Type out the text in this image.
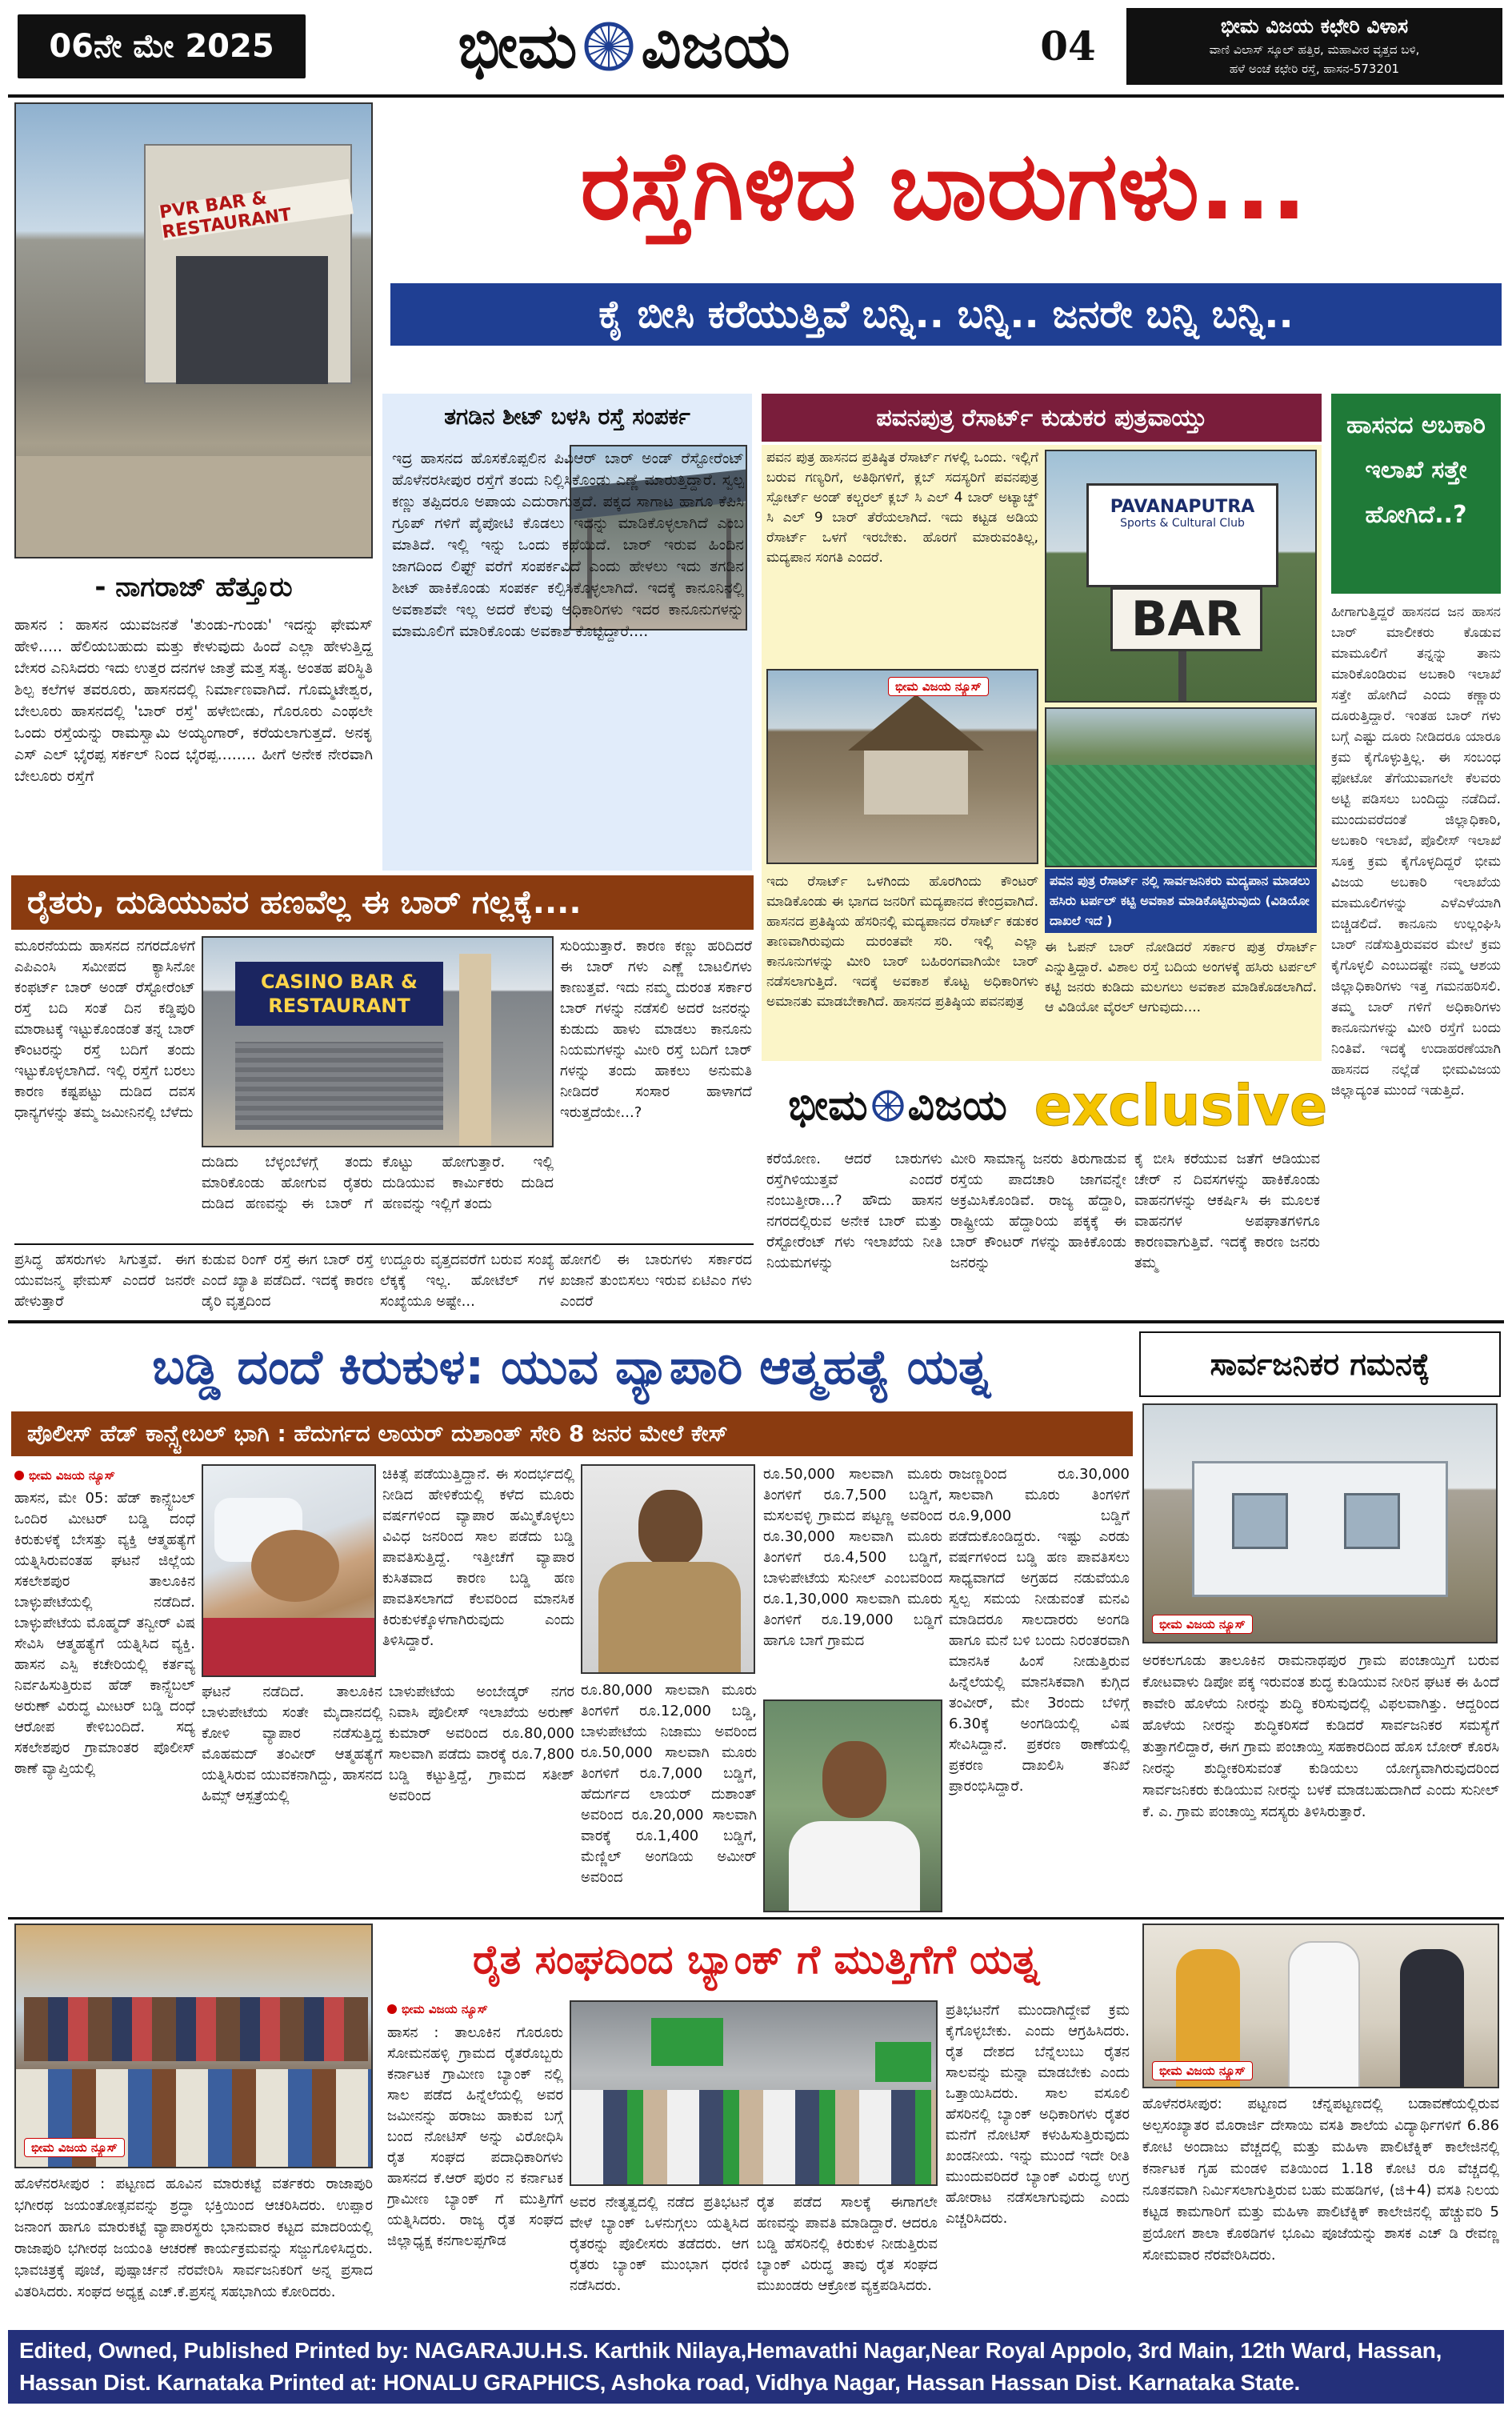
06ನೇ ಮೇ 2025	ಭೀಮ ವಿಜಯ	04	ಭೀಮ ವಿಜಯ ಕಛೇರಿ ವಿಳಾಸ
ವಾಣಿ ವಿಲಾಸ್ ಸ್ಕೂಲ್ ಹತ್ತಿರ, ಮಹಾವೀರ ವೃತ್ತದ ಬಳಿ,
ಹಳೆ ಅಂಚೆ ಕಛೇರಿ ರಸ್ತೆ, ಹಾಸನ-573201
PVR BAR & RESTAURANT	ರಸ್ತೆಗಿಳಿದ ಬಾರುಗಳು...
ಕೈ ಬೀಸಿ ಕರೆಯುತ್ತಿವೆ ಬನ್ನಿ.. ಬನ್ನಿ.. ಜನರೇ ಬನ್ನಿ ಬನ್ನಿ..
- ನಾಗರಾಜ್ ಹೆತ್ತೂರು
ಹಾಸನ : ಹಾಸನ ಯುವಜನತೆ 'ತುಂಡು-ಗುಂಡು' ಇದನ್ನು ಫೇಮಸ್ ಹೇಳಿ..... ಹೆಲಿಯಬಹುದು ಮತ್ತು ಕೇಳುವುದು ಹಿಂದೆ ಎಲ್ಲಾ ಹೇಳುತ್ತಿದ್ದ ಬೇಸರ ಎನಿಸಿದರು ಇದು ಉತ್ತರ ದನಗಳ ಜಾತ್ರೆ ಮತ್ತ ಸತ್ಯ. ಅಂತಹ ಪರಿಸ್ಥಿತಿ ಶಿಲ್ಪ ಕಲೆಗಳ ತವರೂರು, ಹಾಸನದಲ್ಲಿ ನಿರ್ಮಾಣವಾಗಿದೆ. ಗೊಮ್ಮಟೇಶ್ವರ, ಬೇಲೂರು ಹಾಸನದಲ್ಲಿ 'ಬಾರ್ ರಸ್ತೆ' ಹಳೇಬೀಡು, ಗೊರೂರು ಎಂಥಲೇ ಒಂದು ರಸ್ತೆಯನ್ನು ರಾಮಸ್ವಾಮಿ ಅಯ್ಯಂಗಾರ್, ಕರೆಯಲಾಗುತ್ತದೆ. ಅನಕೃ ಎಸ್ ಎಲ್ ಭೈರಪ್ಪ ಸರ್ಕಲ್ ನಿಂದ ಭೈರಪ್ಪ........ ಹೀಗೆ ಅನೇಕ ನೇರವಾಗಿ ಬೇಲೂರು ರಸ್ತೆಗೆ
ತಗಡಿನ ಶೀಟ್ ಬಳಸಿ ರಸ್ತೆ ಸಂಪರ್ಕ
ಇದ್ರ ಹಾಸನದ ಹೊಸಕೊಪ್ಪಲಿನ ಪಿವಿಆರ್ ಬಾರ್ ಅಂಡ್ ರೆಸ್ಟೋರೆಂಟ್ ಹೊಳೆನರಸೀಪುರ ರಸ್ತೆಗೆ ತಂದು ನಿಲ್ಲಿಸಿಕೊಂಡು ಎಣ್ಣೆ ಮಾರುತ್ತಿದ್ದಾರೆ. ಸ್ವಲ್ಪ ಕಣ್ಣು ತಪ್ಪಿದರೂ ಅಪಾಯ ಎದುರಾಗುತ್ತದೆ. ಪಕ್ಕದ ಸಾಗಾಟ ಹಾಗೂ ಕೆಪಿಸಿ ಗ್ರೂಪ್ ಗಳಿಗೆ ಪೈಪೋಟಿ ಕೊಡಲು ಇದನ್ನು ಮಾಡಿಕೊಳ್ಳಲಾಗಿದೆ ಎಂಬ ಮಾತಿದೆ. ಇಲ್ಲಿ ಇನ್ನು ಒಂದು ಕಥೆಯಿದೆ. ಬಾರ್ ಇರುವ ಹಿಂದಿನ ಜಾಗದಿಂದ ಲಿಫ್ಟ್ ವರೆಗೆ ಸಂಪರ್ಕವಿದೆ ಎಂದು ಹೇಳಲು ಇದು ತಗಡಿನ ಶೀಟ್ ಹಾಕಿಕೊಂಡು ಸಂಪರ್ಕ ಕಲ್ಪಿಸಿಕೊಳ್ಳಲಾಗಿದೆ. ಇದಕ್ಕೆ ಕಾನೂನಿನಲ್ಲಿ ಅವಕಾಶವೇ ಇಲ್ಲ ಅದರೆ ಕೆಲವು ಅಧಿಕಾರಿಗಳು ಇದರ ಕಾನೂನುಗಳನ್ನು ಮಾಮೂಲಿಗೆ ಮಾರಿಕೊಂಡು ಅವಕಾಶ ಕೊಟ್ಟಿದ್ದಾರೆ....
ಪವನಪುತ್ರ ರೆಸಾರ್ಟ್ ಕುಡುಕರ ಪುತ್ರವಾಯ್ತು
ಪವನ ಪುತ್ರ ಹಾಸನದ ಪ್ರತಿಷ್ಠಿತ ರೆಸಾರ್ಟ್ ಗಳಲ್ಲಿ ಒಂದು. ಇಲ್ಲಿಗೆ ಬರುವ ಗಣ್ಯರಿಗೆ, ಅತಿಥಿಗಳಿಗೆ, ಕ್ಲಬ್ ಸದಸ್ಯರಿಗೆ ಪವನಪುತ್ರ ಸ್ಪೋರ್ಟ್ ಅಂಡ್ ಕಲ್ಚರಲ್ ಕ್ಲಬ್ ಸಿ ಎಲ್ 4 ಬಾರ್ ಅಟ್ಯಾಚ್ಡ್ ಸಿ ಎಲ್ 9 ಬಾರ್ ತೆರೆಯಲಾಗಿದೆ. ಇದು ಕಟ್ಟಡ ಅಡಿಯ ರೆಸಾರ್ಟ್ ಒಳಗೆ ಇರಬೇಕು. ಹೊರಗೆ ಮಾರುವಂತಿಲ್ಲ, ಮದ್ಯಪಾನ ಸಂಗತಿ ಎಂದರೆ.
PAVANAPUTRA
Sports & Cultural Club
BAR
ಭೀಮ ವಿಜಯ ನ್ಯೂಸ್
ಪವನ ಪುತ್ರ ರೆಸಾರ್ಟ್ ನಲ್ಲಿ ಸಾರ್ವಜನಿಕರು ಮದ್ಯಪಾನ ಮಾಡಲು ಹಸಿರು ಟರ್ಪಲ್ ಕಟ್ಟಿ ಅವಕಾಶ ಮಾಡಿಕೊಟ್ಟಿರುವುದು (ವಿಡಿಯೋ ದಾಖಲೆ ಇದೆ )
ಇದು ರೆಸಾರ್ಟ್ ಒಳಗಿಂದು ಹೊರಗಿಂದು ಕೌಂಟರ್ ಮಾಡಿಕೊಂಡು ಈ ಭಾಗದ ಜನರಿಗೆ ಮದ್ಯಪಾನದ ಕೇಂದ್ರವಾಗಿದೆ. ಹಾಸನದ ಪ್ರತಿಷ್ಠಿಯ ಹೆಸರಿನಲ್ಲಿ ಮದ್ಯಪಾನದ ರೆಸಾರ್ಟ್ ಕಡುಕರ ತಾಣವಾಗಿರುವುದು ದುರಂತವೇ ಸರಿ. ಇಲ್ಲಿ ಎಲ್ಲಾ ಕಾನೂನುಗಳನ್ನು ಮೀರಿ ಬಾರ್ ಬಹಿರಂಗವಾಗಿಯೇ ಬಾರ್ ನಡೆಸಲಾಗುತ್ತಿದೆ. ಇದಕ್ಕೆ ಅವಕಾಶ ಕೊಟ್ಟ ಅಧಿಕಾರಿಗಳು ಅಮಾನತು ಮಾಡಬೇಕಾಗಿದೆ. ಹಾಸನದ ಪ್ರತಿಷ್ಠಿಯ ಪವನಪುತ್ರ
ಈ ಓಪನ್ ಬಾರ್ ನೋಡಿದರೆ ಸರ್ಕಾರ ಪುತ್ರ ರೆಸಾರ್ಟ್ ಎನ್ನುತ್ತಿದ್ದಾರೆ. ವಿಶಾಲ ರಸ್ತೆ ಬದಿಯ ಅಂಗಳಕ್ಕೆ ಹಸಿರು ಟರ್ಪಲ್ ಕಟ್ಟಿ ಜನರು ಕುಡಿದು ಮಲಗಲು ಅವಕಾಶ ಮಾಡಿಕೊಡಲಾಗಿದೆ. ಆ ವಿಡಿಯೋ ವೈರಲ್ ಆಗುವುದು....
ಹಾಸನದ ಅಬಕಾರಿ ಇಲಾಖೆ ಸತ್ತೇ ಹೋಗಿದೆ..?
ಹೀಗಾಗುತ್ತಿದ್ದರೆ ಹಾಸನದ ಜನ ಹಾಸನ ಬಾರ್ ಮಾಲೀಕರು ಕೊಡುವ ಮಾಮೂಲಿಗೆ ತನ್ನನ್ನು ತಾನು ಮಾರಿಕೊಂಡಿರುವ ಅಬಕಾರಿ ಇಲಾಖೆ ಸತ್ತೇ ಹೋಗಿದೆ ಎಂದು ಕಣ್ಣಾರು ದೂರುತ್ತಿದ್ದಾರೆ. ಇಂತಹ ಬಾರ್ ಗಳು ಬಗ್ಗೆ ಎಷ್ಟು ದೂರು ನೀಡಿದರೂ ಯಾರೂ ಕ್ರಮ ಕೈಗೊಳ್ಳುತ್ತಿಲ್ಲ. ಈ ಸಂಬಂಧ ಫೋಟೋ ತೆಗೆಯುವಾಗಲೇ ಕೆಲವರು ಅಟ್ಟಿ ಪಡಿಸಲು ಬಂದಿದ್ದು ನಡೆದಿದೆ. ಮುಂದುವರೆದಂತೆ ಜಿಲ್ಲಾಧಿಕಾರಿ, ಅಬಕಾರಿ ಇಲಾಖೆ, ಪೊಲೀಸ್ ಇಲಾಖೆ ಸೂಕ್ತ ಕ್ರಮ ಕೈಗೊಳ್ಳದಿದ್ದರೆ ಭೀಮ ವಿಜಯ ಅಬಕಾರಿ ಇಲಾಖೆಯ ಮಾಮೂಲಿಗಳನ್ನು ಎಳೆಎಳೆಯಾಗಿ ಬಿಚ್ಚಿಡಲಿದೆ. ಕಾನೂನು ಉಲ್ಲಂಘಿಸಿ ಬಾರ್ ನಡೆಸುತ್ತಿರುವವರ ಮೇಲೆ ಕ್ರಮ ಕೈಗೊಳ್ಳಲಿ ಎಂಬುದಷ್ಟೇ ನಮ್ಮ ಆಶಯ ಜಿಲ್ಲಾಧಿಕಾರಿಗಳು ಇತ್ತ ಗಮನಹರಿಸಲಿ. ತಮ್ಮ ಬಾರ್ ಗಳಿಗೆ ಅಧಿಕಾರಿಗಳು ಕಾನೂನುಗಳನ್ನು ಮೀರಿ ರಸ್ತೆಗೆ ಬಂದು ನಿಂತಿವೆ. ಇದಕ್ಕೆ ಉದಾಹರಣೆಯಾಗಿ ಹಾಸನದ ನಲ್ಲೆಡೆ ಭೀಮವಿಜಯ ಜಿಲ್ಲಾದ್ಯಂತ ಮುಂದೆ ಇಡುತ್ತಿದೆ.
ರೈತರು, ದುಡಿಯುವರ ಹಣವೆಲ್ಲ ಈ ಬಾರ್ ಗಲ್ಲಕ್ಕೆ....
ಮೂರನೆಯದು ಹಾಸನದ ನಗರದೊಳಗೆ ಎಪಿಎಂಸಿ ಸಮೀಪದ ಕ್ಯಾಸಿನೋ ಕಂಫರ್ಟ್ ಬಾರ್ ಅಂಡ್ ರೆಸ್ಟೋರೆಂಟ್ ರಸ್ತೆ ಬದಿ ಸಂತೆ ದಿನ ಕಡ್ಡಿಪುರಿ ಮಾರಾಟಕ್ಕೆ ಇಟ್ಟುಕೊಂಡಂತೆ ತನ್ನ ಬಾರ್ ಕೌಂಟರನ್ನು ರಸ್ತೆ ಬದಿಗೆ ತಂದು ಇಟ್ಟುಕೊಳ್ಳಲಾಗಿದೆ. ಇಲ್ಲಿ ರಸ್ತೆಗೆ ಬರಲು ಕಾರಣ ಕಷ್ಟಪಟ್ಟು ದುಡಿದ ದವಸ ಧಾನ್ಯಗಳನ್ನು ತಮ್ಮ ಜಮೀನಿನಲ್ಲಿ ಬೆಳೆದು
CASINO BAR & RESTAURANT
ಸುರಿಯುತ್ತಾರೆ. ಕಾರಣ ಕಣ್ಣು ಹರಿದಿದರೆ ಈ ಬಾರ್ ಗಳು ಎಣ್ಣೆ ಬಾಟಲಿಗಳು ಕಾಣುತ್ತವೆ. ಇದು ನಮ್ಮ ದುರಂತ ಸರ್ಕಾರ ಬಾರ್ ಗಳನ್ನು ನಡೆಸಲಿ ಅದರೆ ಜನರನ್ನು ಕುಡುದು ಹಾಳು ಮಾಡಲು ಕಾನೂನು ನಿಯಮಗಳನ್ನು ಮೀರಿ ರಸ್ತೆ ಬದಿಗೆ ಬಾರ್ ಗಳನ್ನು ತಂದು ಹಾಕಲು ಅನುಮತಿ ನೀಡಿದರೆ ಸಂಸಾರ ಹಾಳಾಗದೆ ಇರುತ್ತದೆಯೇ...?
ದುಡಿದು ಬೆಳ್ಳಂಬೆಳಗ್ಗೆ ತಂದು ಮಾರಿಕೊಂಡು ಹೋಗುವ ರೈತರು ದುಡಿದ ಹಣವನ್ನು ಈ ಬಾರ್ ಗೆ ಕೊಟ್ಟು ಹೋಗುತ್ತಾರೆ. ಇಲ್ಲಿ ದುಡಿಯುವ ಕಾರ್ಮಿಕರು ದುಡಿದ ಹಣವನ್ನು ಇಲ್ಲಿಗೆ ತಂದು
ಪ್ರಸಿದ್ಧ ಹೆಸರುಗಳು ಸಿಗುತ್ತವೆ. ಈಗ ಯುವಜನ್ಮ ಫೇಮಸ್ ಎಂದರೆ ಜನರೇ ಹೇಳುತ್ತಾರೆ
ಕುಡುವ ರಿಂಗ್ ರಸ್ತೆ ಈಗ ಬಾರ್ ರಸ್ತೆ ಎಂದೆ ಖ್ಯಾತಿ ಪಡೆದಿದೆ. ಇದಕ್ಕೆ ಕಾರಣ ಡೈರಿ ವೃತ್ತದಿಂದ
ಉದ್ದೂರು ವೃತ್ತದವರೆಗೆ ಬರುವ ಸಂಖ್ಯೆ ಲೆಕ್ಕಕ್ಕೆ ಇಲ್ಲ. ಹೋಟೆಲ್ ಗಳ ಸಂಖ್ಯೆಯೂ ಅಷ್ಟೇ...
ಹೋಗಲಿ ಈ ಬಾರುಗಳು ಸರ್ಕಾರದ ಖಜಾನೆ ತುಂಬಿಸಲು ಇರುವ ಏಟಿಎಂ ಗಳು ಎಂದರೆ
ಭೀಮ ವಿಜಯ exclusive
ಕರೆಯೋಣ. ಆದರೆ ಬಾರುಗಳು ರಸ್ತೆಗಿಳಿಯುತ್ತವೆ ಎಂದರೆ ನಂಬುತ್ತೀರಾ...? ಹೌದು ಹಾಸನ ನಗರದಲ್ಲಿರುವ ಅನೇಕ ಬಾರ್ ಮತ್ತು ರೆಸ್ಟೋರೆಂಟ್ ಗಳು ಇಲಾಖೆಯ ನೀತಿ ನಿಯಮಗಳನ್ನು
ಮೀರಿ ಸಾಮಾನ್ಯ ಜನರು ತಿರುಗಾಡುವ ರಸ್ತೆಯ ಪಾದಚಾರಿ ಜಾಗವನ್ನೇ ಅಕ್ರಮಿಸಿಕೊಂಡಿವೆ. ರಾಜ್ಯ ಹೆದ್ದಾರಿ, ರಾಷ್ಟ್ರೀಯ ಹೆದ್ದಾರಿಯ ಪಕ್ಕಕ್ಕೆ ಈ ಬಾರ್ ಕೌಂಟರ್ ಗಳನ್ನು ಹಾಕಿಕೊಂಡು ಜನರನ್ನು
ಕೈ ಬೀಸಿ ಕರೆಯುವ ಜತೆಗೆ ಆಡಿಯುವ ಚೇರ್ ನ ದಿವಸಗಳನ್ನು ಹಾಕಿಕೊಂಡು ವಾಹನಗಳನ್ನು ಆಕರ್ಷಿಸಿ ಈ ಮೂಲಕ ವಾಹನಗಳ ಅಪಘಾತಗಳಿಗೂ ಕಾರಣವಾಗುತ್ತಿವೆ. ಇದಕ್ಕೆ ಕಾರಣ ಜನರು ತಮ್ಮ
ಬಡ್ಡಿ ದಂದೆ ಕಿರುಕುಳ: ಯುವ ವ್ಯಾಪಾರಿ ಆತ್ಮಹತ್ಯೆ ಯತ್ನ
ಪೊಲೀಸ್ ಹೆಡ್ ಕಾನ್ಸ್ಟೇಬಲ್ ಭಾಗಿ : ಹೆದುರ್ಗದ ಲಾಯರ್ ದುಶಾಂತ್ ಸೇರಿ 8 ಜನರ ಮೇಲೆ ಕೇಸ್
ಭೀಮ ವಿಜಯ ನ್ಯೂಸ್
ಹಾಸನ, ಮೇ 05: ಹೆಡ್ ಕಾನ್ಸ್ಟೆಬಲ್ ಒಂದಿರ ಮೀಟರ್ ಬಡ್ಡಿ ದಂಧೆ ಕಿರುಕುಳಕ್ಕೆ ಬೇಸತ್ತು ವ್ಯಕ್ತಿ ಆತ್ಮಹತ್ಯೆಗೆ ಯತ್ನಿಸಿರುವಂತಹ ಘಟನೆ ಜಿಲ್ಲೆಯ ಸಕಲೇಶಪುರ ತಾಲೂಕಿನ ಬಾಳ್ಳುಪೇಟೆಯಲ್ಲಿ ನಡೆದಿದೆ. ಬಾಳ್ಳುಪೇಟೆಯ ಮೊಹ್ಮದ್ ತನ್ವೀರ್ ವಿಷ ಸೇವಿಸಿ ಆತ್ಮಹತ್ಯೆಗೆ ಯತ್ನಿಸಿದ ವ್ಯಕ್ತಿ. ಹಾಸನ ಎಸ್ಪಿ ಕಚೇರಿಯಲ್ಲಿ ಕರ್ತವ್ಯ ನಿರ್ವಹಿಸುತ್ತಿರುವ ಹೆಡ್ ಕಾನ್ಸ್ಟೆಬಲ್ ಅರುಣ್ ವಿರುದ್ಧ ಮೀಟರ್ ಬಡ್ಡಿ ದಂಧೆ ಆರೋಪ ಕೇಳಿಬಂದಿದೆ. ಸದ್ಯ ಸಕಲೇಶಪುರ ಗ್ರಾಮಾಂತರ ಪೊಲೀಸ್ ಠಾಣೆ ವ್ಯಾಪ್ತಿಯಲ್ಲಿ
ಚಿಕಿತ್ಸೆ ಪಡೆಯುತ್ತಿದ್ದಾನೆ. ಈ ಸಂದರ್ಭದಲ್ಲಿ ನೀಡಿದ ಹೇಳಿಕೆಯಲ್ಲಿ ಕಳೆದ ಮೂರು ವರ್ಷಗಳಿಂದ ವ್ಯಾಪಾರ ಹಮ್ಮಿಕೊಳ್ಳಲು ವಿವಿಧ ಜನರಿಂದ ಸಾಲ ಪಡೆದು ಬಡ್ಡಿ ಪಾವತಿಸುತ್ತಿದ್ದೆ. ಇತ್ತೀಚೆಗೆ ವ್ಯಾಪಾರ ಕುಸಿತವಾದ ಕಾರಣ ಬಡ್ಡಿ ಹಣ ಪಾವತಿಸಲಾಗದೆ ಕೆಲವರಿಂದ ಮಾನಸಿಕ ಕಿರುಕುಳಕ್ಕೊಳಗಾಗಿರುವುದು ಎಂದು ತಿಳಿಸಿದ್ದಾರೆ.
ಘಟನೆ ನಡೆದಿದೆ. ತಾಲೂಕಿನ ಬಾಳುಪೇಟೆಯ ಸಂತೇ ಮೈದಾನದಲ್ಲಿ ಕೋಳಿ ವ್ಯಾಪಾರ ನಡೆಸುತ್ತಿದ್ದ ಮೊಹಮದ್ ತಂವೀರ್ ಆತ್ಮಹತ್ಯೆಗೆ ಯತ್ನಿಸಿರುವ ಯುವಕನಾಗಿದ್ದು, ಹಾಸನದ ಹಿಮ್ಸ್ ಆಸ್ಪತ್ರೆಯಲ್ಲಿ
ಬಾಳುಪೇಟೆಯ ಅಂಬೇಡ್ಕರ್ ನಗರ ನಿವಾಸಿ ಪೊಲೀಸ್ ಇಲಾಖೆಯ ಅರುಣ್ ಕುಮಾರ್ ಅವರಿಂದ ರೂ.80,000 ಸಾಲವಾಗಿ ಪಡೆದು ವಾರಕ್ಕೆ ರೂ.7,800 ಬಡ್ಡಿ ಕಟ್ಟುತ್ತಿದ್ದೆ, ಗ್ರಾಮದ ಸತೀಶ್ ಅವರಿಂದ
ರೂ.80,000 ಸಾಲವಾಗಿ ಮೂರು ತಿಂಗಳಿಗೆ ರೂ.12,000 ಬಡ್ಡಿ, ಬಾಳುಪೇಟೆಯ ನಿಜಾಮು ಅವರಿಂದ ರೂ.50,000 ಸಾಲವಾಗಿ ಮೂರು ತಿಂಗಳಿಗೆ ರೂ.7,000 ಬಡ್ಡಿಗೆ, ಹೆದುರ್ಗದ ಲಾಯರ್ ದುಶಾಂತ್ ಅವರಿಂದ ರೂ.20,000 ಸಾಲವಾಗಿ ವಾರಕ್ಕೆ ರೂ.1,400 ಬಡ್ಡಿಗೆ, ಮೆಣ್ಣಿಲ್ ಅಂಗಡಿಯ ಅಮೀರ್ ಅವರಿಂದ
ರೂ.50,000 ಸಾಲವಾಗಿ ಮೂರು ತಿಂಗಳಿಗೆ ರೂ.7,500 ಬಡ್ಡಿಗೆ, ಮಸಲವಳ್ಳಿ ಗ್ರಾಮದ ಪಟ್ಟಣ್ಣ ಅವರಿಂದ ರೂ.30,000 ಸಾಲವಾಗಿ ಮೂರು ತಿಂಗಳಿಗೆ ರೂ.4,500 ಬಡ್ಡಿಗೆ, ಬಾಳುಪೇಟೆಯ ಸುನೀಲ್ ಎಂಬವರಿಂದ ರೂ.1,30,000 ಸಾಲವಾಗಿ ಮೂರು ತಿಂಗಳಿಗೆ ರೂ.19,000 ಬಡ್ಡಿಗೆ ಹಾಗೂ ಬಾಗೆ ಗ್ರಾಮದ
ರಾಜಣ್ಣರಿಂದ ರೂ.30,000 ಸಾಲವಾಗಿ ಮೂರು ತಿಂಗಳಿಗೆ ರೂ.9,000 ಬಡ್ಡಿಗೆ ಪಡೆದುಕೊಂಡಿದ್ದರು. ಇಷ್ಟು ಎರಡು ವರ್ಷಗಳಿಂದ ಬಡ್ಡಿ ಹಣ ಪಾವತಿಸಲು ಸಾಧ್ಯವಾಗದೆ ಅಗ್ರಹದ ನಡುವೆಯೂ ಸ್ವಲ್ಪ ಸಮಯ ನೀಡುವಂತೆ ಮನವಿ ಮಾಡಿದರೂ ಸಾಲದಾರರು ಅಂಗಡಿ ಹಾಗೂ ಮನೆ ಬಳಿ ಬಂದು ನಿರಂತರವಾಗಿ ಮಾನಸಿಕ ಹಿಂಸೆ ನೀಡುತ್ತಿರುವ ಹಿನ್ನೆಲೆಯಲ್ಲಿ ಮಾನಸಿಕವಾಗಿ ಕುಗ್ಗಿದ ತಂವೀರ್, ಮೇ 3ರಂದು ಬೆಳಿಗ್ಗೆ 6.30ಕ್ಕೆ ಅಂಗಡಿಯಲ್ಲಿ ವಿಷ ಸೇವಿಸಿದ್ದಾನೆ. ಪ್ರಕರಣ ಠಾಣೆಯಲ್ಲಿ ಪ್ರಕರಣ ದಾಖಲಿಸಿ ತನಿಖೆ ಪ್ರಾರಂಭಿಸಿದ್ದಾರೆ.
ಸಾರ್ವಜನಿಕರ ಗಮನಕ್ಕೆ
ಭೀಮ ವಿಜಯ ನ್ಯೂಸ್
ಅರಕಲಗೂಡು ತಾಲೂಕಿನ ರಾಮನಾಥಪುರ ಗ್ರಾಮ ಪಂಚಾಯ್ತಿಗೆ ಬರುವ ಕೋಟವಾಳು ಡಿಪೋ ಪಕ್ಕ ಇರುವಂತ ಶುದ್ಧ ಕುಡಿಯುವ ನೀರಿನ ಘಟಕ ಈ ಹಿಂದೆ ಕಾವೇರಿ ಹೊಳೆಯ ನೀರನ್ನು ಶುದ್ಧಿ ಕರಿಸುವುದಲ್ಲಿ ವಿಫಲವಾಗಿತ್ತು. ಆದ್ದರಿಂದ ಹೊಳೆಯ ನೀರನ್ನು ಶುದ್ಧಿಕರಿಸದೆ ಕುಡಿದರೆ ಸಾರ್ವಜನಿಕರ ಸಮಸ್ಯೆಗೆ ತುತ್ತಾಗಲಿದ್ದಾರೆ, ಈಗ ಗ್ರಾಮ ಪಂಚಾಯ್ತಿ ಸಹಕಾರದಿಂದ ಹೊಸ ಬೋರ್ ಕೊರಸಿ ನೀರನ್ನು ಶುದ್ಧೀಕರಿಸುವಂತೆ ಕುಡಿಯಲು ಯೋಗ್ಯವಾಗಿರುವುದರಿಂದ ಸಾರ್ವಜನಿಕರು ಕುಡಿಯುವ ನೀರನ್ನು ಬಳಕೆ ಮಾಡಬಹುದಾಗಿದೆ ಎಂದು ಸುನೀಲ್ ಕೆ. ಎ. ಗ್ರಾಮ ಪಂಚಾಯ್ತಿ ಸದಸ್ಯರು ತಿಳಿಸಿರುತ್ತಾರೆ.
ಭೀಮ ವಿಜಯ ನ್ಯೂಸ್
ಹೊಳೆನರಸೀಪುರ : ಪಟ್ಟಣದ ಹೂವಿನ ಮಾರುಕಟ್ಟೆ ವರ್ತಕರು ರಾಜಾಪುರಿ ಭಗೀರಥ ಜಯಂತೋತ್ಸವವನ್ನು ಶ್ರದ್ಧಾ ಭಕ್ತಿಯಿಂದ ಆಚರಿಸಿದರು. ಉಪ್ಪಾರ ಜನಾಂಗ ಹಾಗೂ ಮಾರುಕಟ್ಟೆ ವ್ಯಾಪಾರಸ್ಥರು ಭಾನುವಾರ ಕಟ್ಟದ ಮಾದರಿಯಲ್ಲಿ ರಾಜಾಪುರಿ ಭಗೀರಥ ಜಯಂತಿ ಆಚರಣೆ ಕಾರ್ಯಕ್ರಮವನ್ನು ಸಜ್ಜುಗೊಳಿಸಿದ್ದರು. ಭಾವಚಿತ್ರಕ್ಕೆ ಪೂಜೆ, ಪುಷ್ಪಾರ್ಚನೆ ನೆರವೇರಿಸಿ ಸಾರ್ವಜನಿಕರಿಗೆ ಅನ್ನ ಪ್ರಸಾದ ವಿತರಿಸಿದರು. ಸಂಘದ ಅಧ್ಯಕ್ಷ ಎಚ್.ಕೆ.ಪ್ರಸನ್ನ ಸಹಭಾಗಿಯ ಕೋರಿದರು.
ರೈತ ಸಂಘದಿಂದ ಬ್ಯಾಂಕ್ ಗೆ ಮುತ್ತಿಗೆಗೆ ಯತ್ನ
ಭೀಮ ವಿಜಯ ನ್ಯೂಸ್
ಹಾಸನ : ತಾಲೂಕಿನ ಗೊರೂರು ಸೋಮನಹಳ್ಳಿ ಗ್ರಾಮದ ರೈತರೊಬ್ಬರು ಕರ್ನಾಟಕ ಗ್ರಾಮೀಣ ಬ್ಯಾಂಕ್ ನಲ್ಲಿ ಸಾಲ ಪಡೆದ ಹಿನ್ನೆಲೆಯಲ್ಲಿ ಅವರ ಜಮೀನನ್ನು ಹರಾಜು ಹಾಕುವ ಬಗ್ಗೆ ಬಂದ ನೋಟಿಸ್ ಅನ್ನು ವಿರೋಧಿಸಿ ರೈತ ಸಂಘದ ಪದಾಧಿಕಾರಿಗಳು ಹಾಸನದ ಕೆ.ಆರ್ ಪುರಂ ನ ಕರ್ನಾಟಕ ಗ್ರಾಮೀಣ ಬ್ಯಾಂಕ್ ಗೆ ಮುತ್ತಿಗೆಗೆ ಯತ್ನಿಸಿದರು. ರಾಜ್ಯ ರೈತ ಸಂಘದ ಜಿಲ್ಲಾಧ್ಯಕ್ಷ ಕನಗಾಲಪ್ಪಗೌಡ
ಅವರ ನೇತೃತ್ವದಲ್ಲಿ ನಡೆದ ಪ್ರತಿಭಟನೆ ವೇಳೆ ಬ್ಯಾಂಕ್ ಒಳನುಗ್ಗಲು ಯತ್ನಿಸಿದ ರೈತರನ್ನು ಪೊಲೀಸರು ತಡೆದರು. ಆಗ ರೈತರು ಬ್ಯಾಂಕ್ ಮುಂಭಾಗ ಧರಣಿ ನಡೆಸಿದರು.
ರೈತ ಪಡೆದ ಸಾಲಕ್ಕೆ ಈಗಾಗಲೇ ಹಣವನ್ನು ಪಾವತಿ ಮಾಡಿದ್ದಾರೆ. ಆದರೂ ಬಡ್ಡಿ ಹೆಸರಿನಲ್ಲಿ ಕಿರುಕುಳ ನೀಡುತ್ತಿರುವ ಬ್ಯಾಂಕ್ ವಿರುದ್ಧ ತಾವು ರೈತ ಸಂಘದ ಮುಖಂಡರು ಆಕ್ರೋಶ ವ್ಯಕ್ತಪಡಿಸಿದರು.
ಪ್ರತಿಭಟನೆಗೆ ಮುಂದಾಗಿದ್ದೇವೆ ಕ್ರಮ ಕೈಗೊಳ್ಳಬೇಕು. ಎಂದು ಆಗ್ರಹಿಸಿದರು. ರೈತ ದೇಶದ ಬೆನ್ನೆಲುಬು ರೈತನ ಸಾಲವನ್ನು ಮನ್ನಾ ಮಾಡಬೇಕು ಎಂದು ಒತ್ತಾಯಿಸಿದರು. ಸಾಲ ವಸೂಲಿ ಹೆಸರಿನಲ್ಲಿ ಬ್ಯಾಂಕ್ ಅಧಿಕಾರಿಗಳು ರೈತರ ಮನೆಗೆ ನೋಟಿಸ್ ಕಳುಹಿಸುತ್ತಿರುವುದು ಖಂಡನೀಯ. ಇನ್ನು ಮುಂದೆ ಇದೇ ರೀತಿ ಮುಂದುವರಿದರೆ ಬ್ಯಾಂಕ್ ವಿರುದ್ಧ ಉಗ್ರ ಹೋರಾಟ ನಡೆಸಲಾಗುವುದು ಎಂದು ಎಚ್ಚರಿಸಿದರು.
ಭೀಮ ವಿಜಯ ನ್ಯೂಸ್
ಹೊಳೆನರಸೀಪುರ: ಪಟ್ಟಣದ ಚೆನ್ನಪಟ್ಟಣದಲ್ಲಿ ಬಡಾವಣೆಯಲ್ಲಿರುವ ಅಲ್ಪಸಂಖ್ಯಾತರ ಮೊರಾರ್ಜಿ ದೇಸಾಯಿ ವಸತಿ ಶಾಲೆಯ ವಿದ್ಯಾರ್ಥಿಗಳಿಗೆ 6.86 ಕೋಟಿ ಅಂದಾಜು ವೆಚ್ಚದಲ್ಲಿ ಮತ್ತು ಮಹಿಳಾ ಪಾಲಿಟೆಕ್ನಿಕ್ ಕಾಲೇಜಿನಲ್ಲಿ ಕರ್ನಾಟಕ ಗೃಹ ಮಂಡಳಿ ವತಿಯಿಂದ 1.18 ಕೋಟಿ ರೂ ವೆಚ್ಚದಲ್ಲಿ ನೂತನವಾಗಿ ನಿರ್ಮಿಸಲಾಗುತ್ತಿರುವ ಬಹು ಮಹಡಿಗಳ, (ಜಿ+4) ವಸತಿ ನಿಲಯ ಕಟ್ಟಡ ಕಾಮಗಾರಿಗೆ ಮತ್ತು ಮಹಿಳಾ ಪಾಲಿಟೆಕ್ನಿಕ್ ಕಾಲೇಜಿನಲ್ಲಿ ಹೆಚ್ಚುವರಿ 5 ಪ್ರಯೋಗ ಶಾಲಾ ಕೊಠಡಿಗಳ ಭೂಮಿ ಪೂಜೆಯನ್ನು ಶಾಸಕ ಎಚ್ ಡಿ ರೇವಣ್ಣ ಸೋಮವಾರ ನೆರವೇರಿಸಿದರು.
Edited, Owned, Published Printed by: NAGARAJU.H.S. Karthik Nilaya,Hemavathi Nagar,Near Royal Appolo, 3rd Main, 12th Ward, Hassan,
Hassan Dist. Karnataka Printed at: HONALU GRAPHICS, Ashoka road, Vidhya Nagar, Hassan Hassan Dist. Karnataka State.
